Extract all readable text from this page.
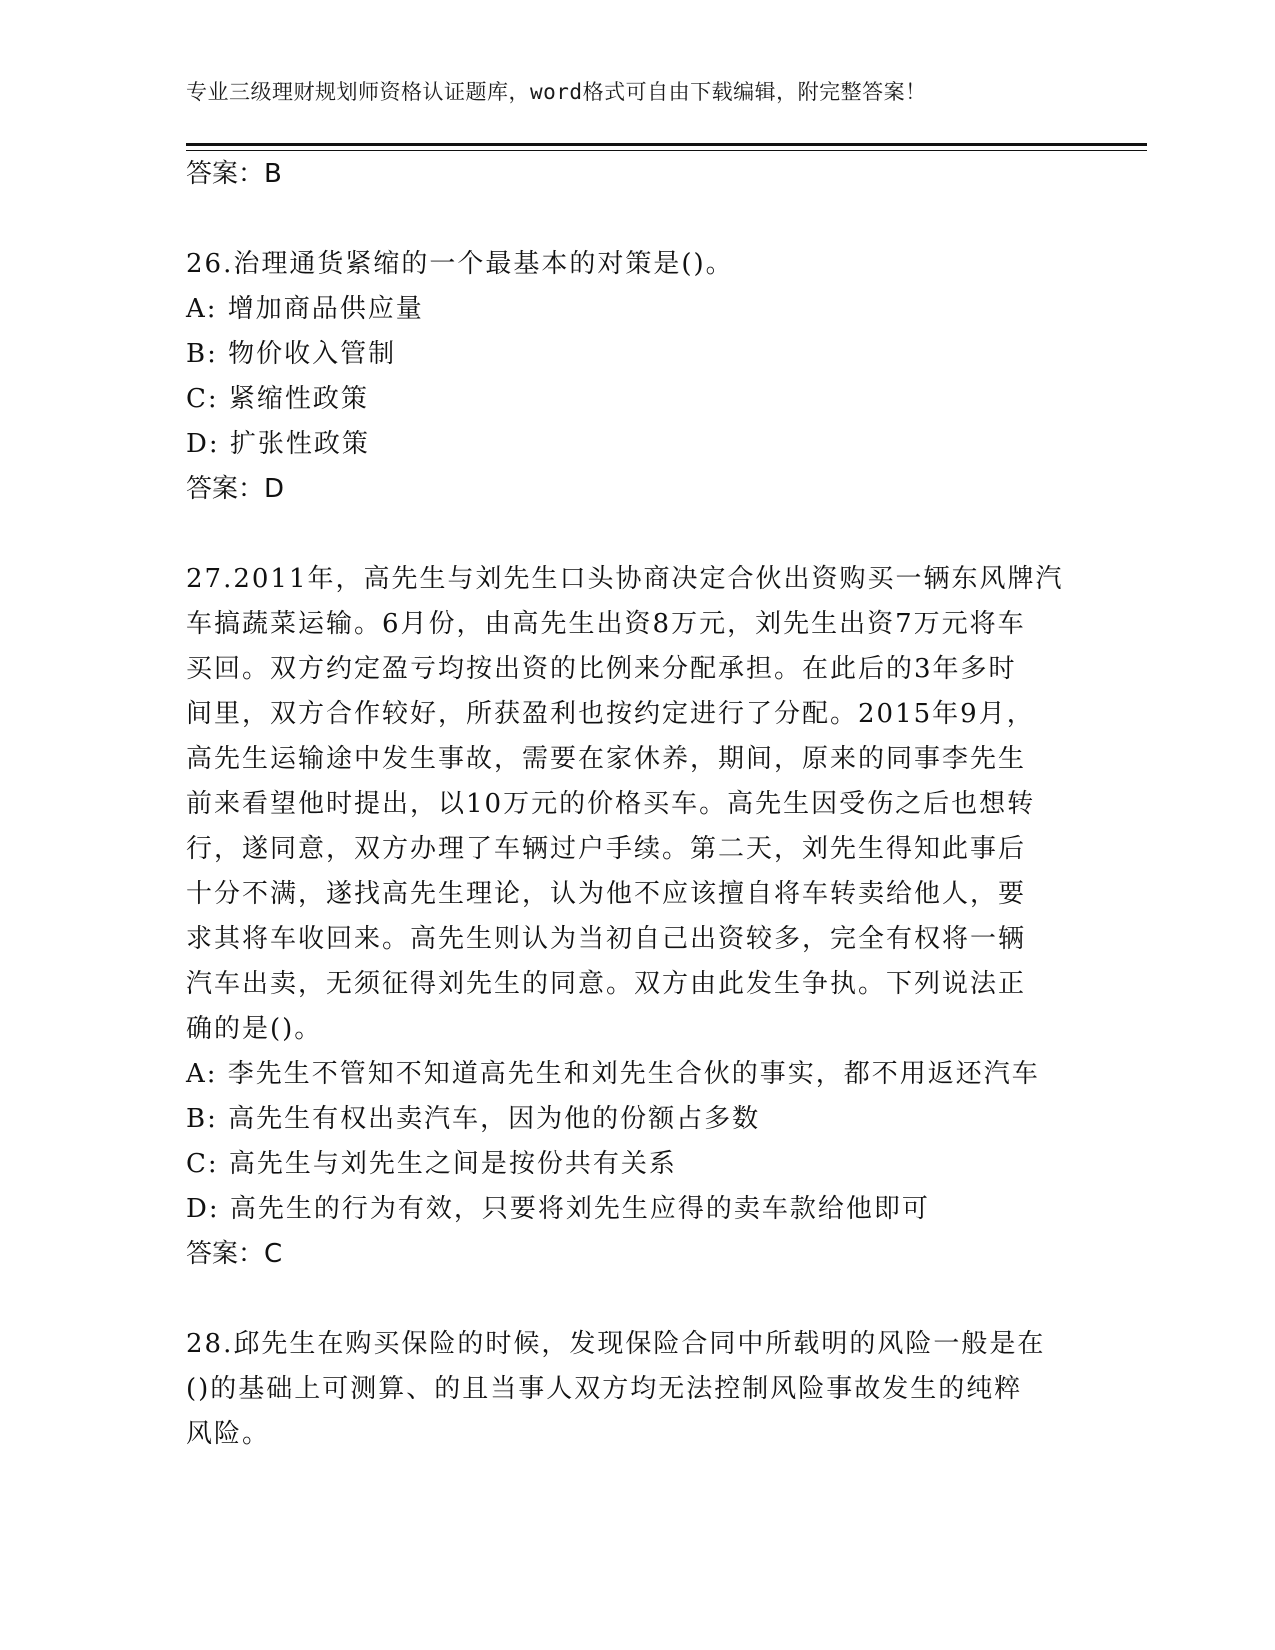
专业三级理财规划师资格认证题库，word格式可自由下载编辑，附完整答案！
答案：B
26.治理通货紧缩的一个最基本的对策是()。
A: 增加商品供应量
B: 物价收入管制
C: 紧缩性政策
D: 扩张性政策
答案：D
27.2011年，高先生与刘先生口头协商决定合伙出资购买一辆东风牌汽
车搞蔬菜运输。6月份，由高先生出资8万元，刘先生出资7万元将车
买回。双方约定盈亏均按出资的比例来分配承担。在此后的3年多时
间里，双方合作较好，所获盈利也按约定进行了分配。2015年9月，
高先生运输途中发生事故，需要在家休养，期间，原来的同事李先生
前来看望他时提出，以10万元的价格买车。高先生因受伤之后也想转
行，遂同意，双方办理了车辆过户手续。第二天，刘先生得知此事后
十分不满，遂找高先生理论，认为他不应该擅自将车转卖给他人，要
求其将车收回来。高先生则认为当初自己出资较多，完全有权将一辆
汽车出卖，无须征得刘先生的同意。双方由此发生争执。下列说法正
确的是()。
A: 李先生不管知不知道高先生和刘先生合伙的事实，都不用返还汽车
B: 高先生有权出卖汽车，因为他的份额占多数
C: 高先生与刘先生之间是按份共有关系
D: 高先生的行为有效，只要将刘先生应得的卖车款给他即可
答案：C
28.邱先生在购买保险的时候，发现保险合同中所载明的风险一般是在
()的基础上可测算、的且当事人双方均无法控制风险事故发生的纯粹
风险。
